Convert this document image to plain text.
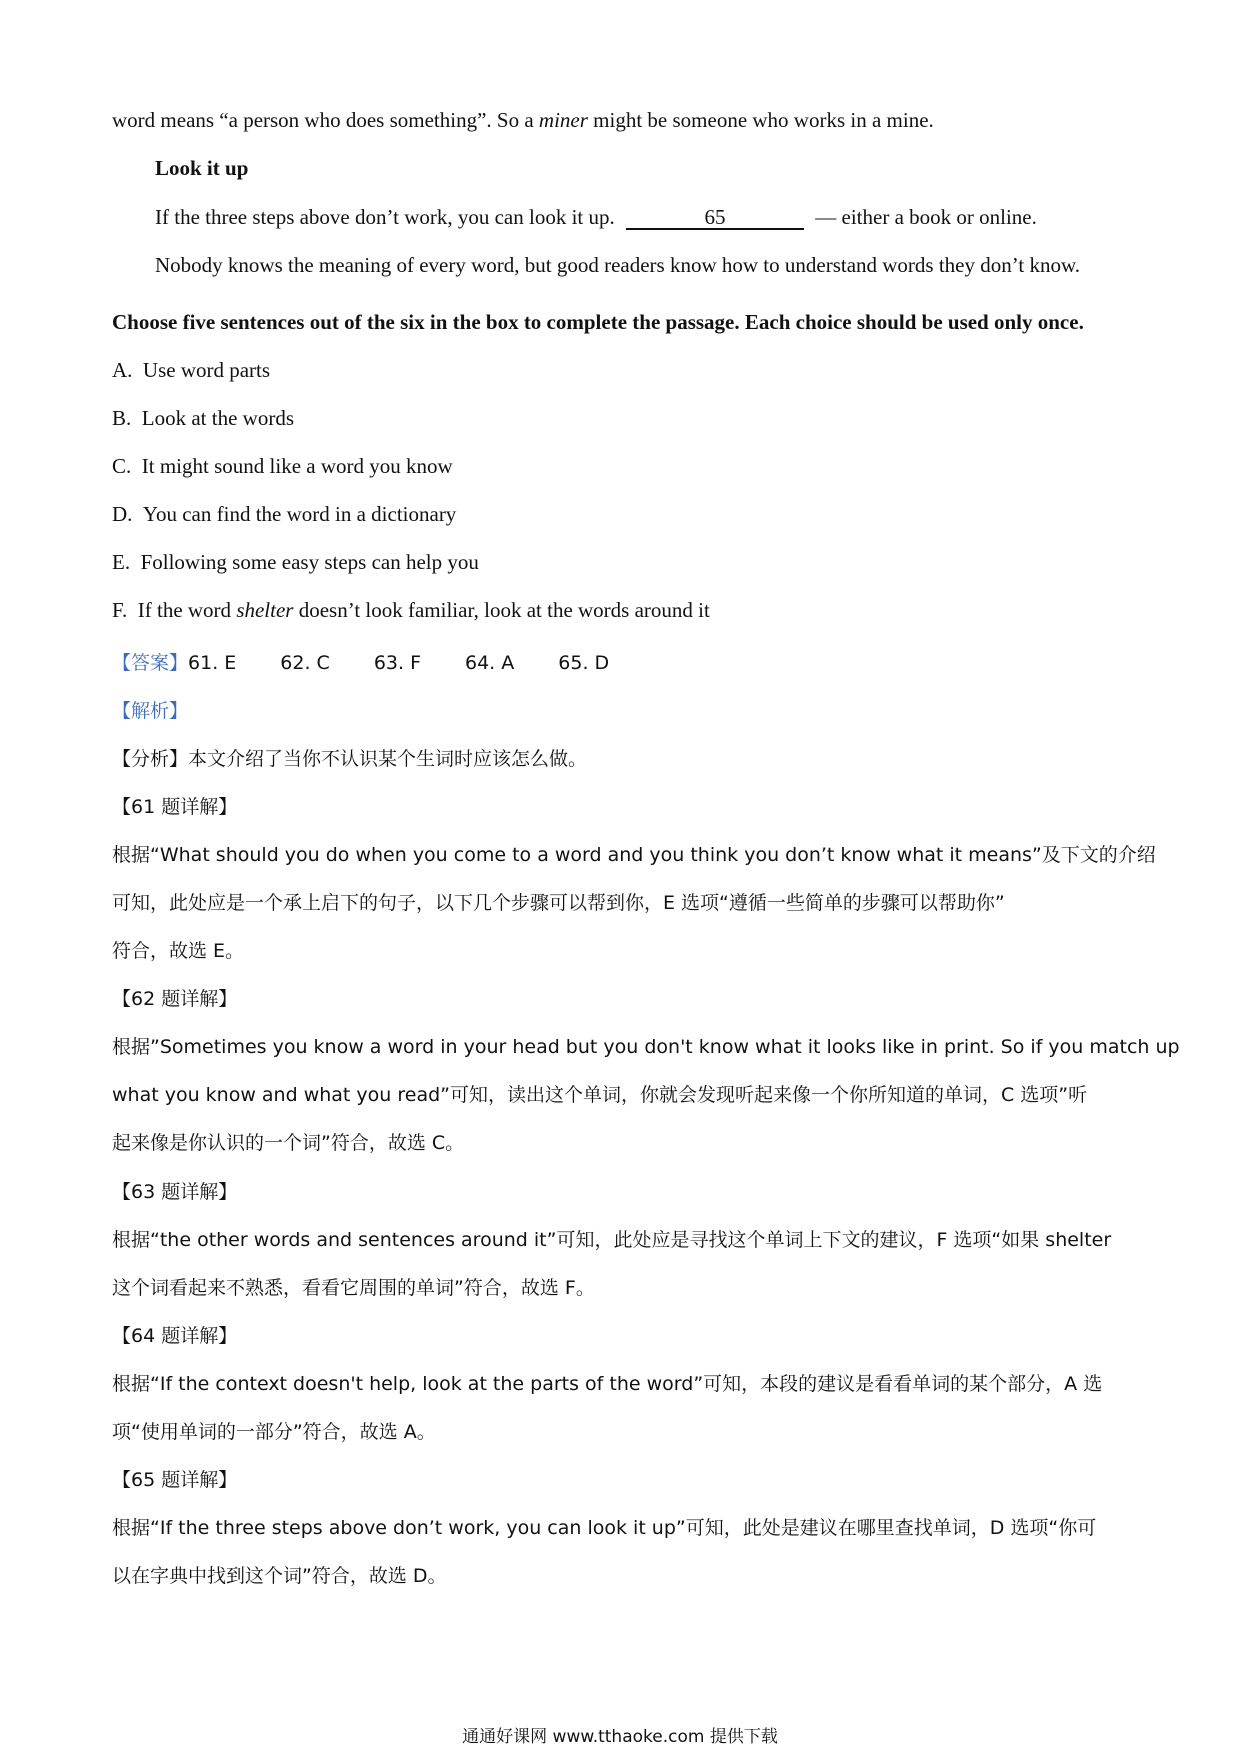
word means “a person who does something”. So a miner might be someone who works in a mine.
Look it up
If the three steps above don’t work, you can look it up.	65	— either a book or online.
Nobody knows the meaning of every word, but good readers know how to understand words they don’t know.
Choose five sentences out of the six in the box to complete the passage. Each choice should be used only once.
A. Use word parts
B. Look at the words
C. It might sound like a word you know
D. You can find the word in a dictionary
E. Following some easy steps can help you
F. If the word shelter doesn’t look familiar, look at the words around it
【答案】61. E 62. C 63. F 64. A 65. D
【解析】
【分析】本文介绍了当你不认识某个生词时应该怎么做。
【61 题详解】
根据“What should you do when you come to a word and you think you don’t know what it means”及下文的介绍
可知，此处应是一个承上启下的句子，以下几个步骤可以帮到你，E 选项“遵循一些简单的步骤可以帮助你”
符合，故选 E。
【62 题详解】
根据”Sometimes you know a word in your head but you don't know what it looks like in print. So if you match up
what you know and what you read”可知，读出这个单词，你就会发现听起来像一个你所知道的单词，C 选项”听
起来像是你认识的一个词”符合，故选 C。
【63 题详解】
根据“the other words and sentences around it”可知，此处应是寻找这个单词上下文的建议，F 选项“如果 shelter
这个词看起来不熟悉，看看它周围的单词”符合，故选 F。
【64 题详解】
根据“If the context doesn't help, look at the parts of the word”可知，本段的建议是看看单词的某个部分，A 选
项“使用单词的一部分”符合，故选 A。
【65 题详解】
根据“If the three steps above don’t work, you can look it up”可知，此处是建议在哪里查找单词，D 选项“你可
以在字典中找到这个词”符合，故选 D。
通通好课网 www.tthaoke.com 提供下载
